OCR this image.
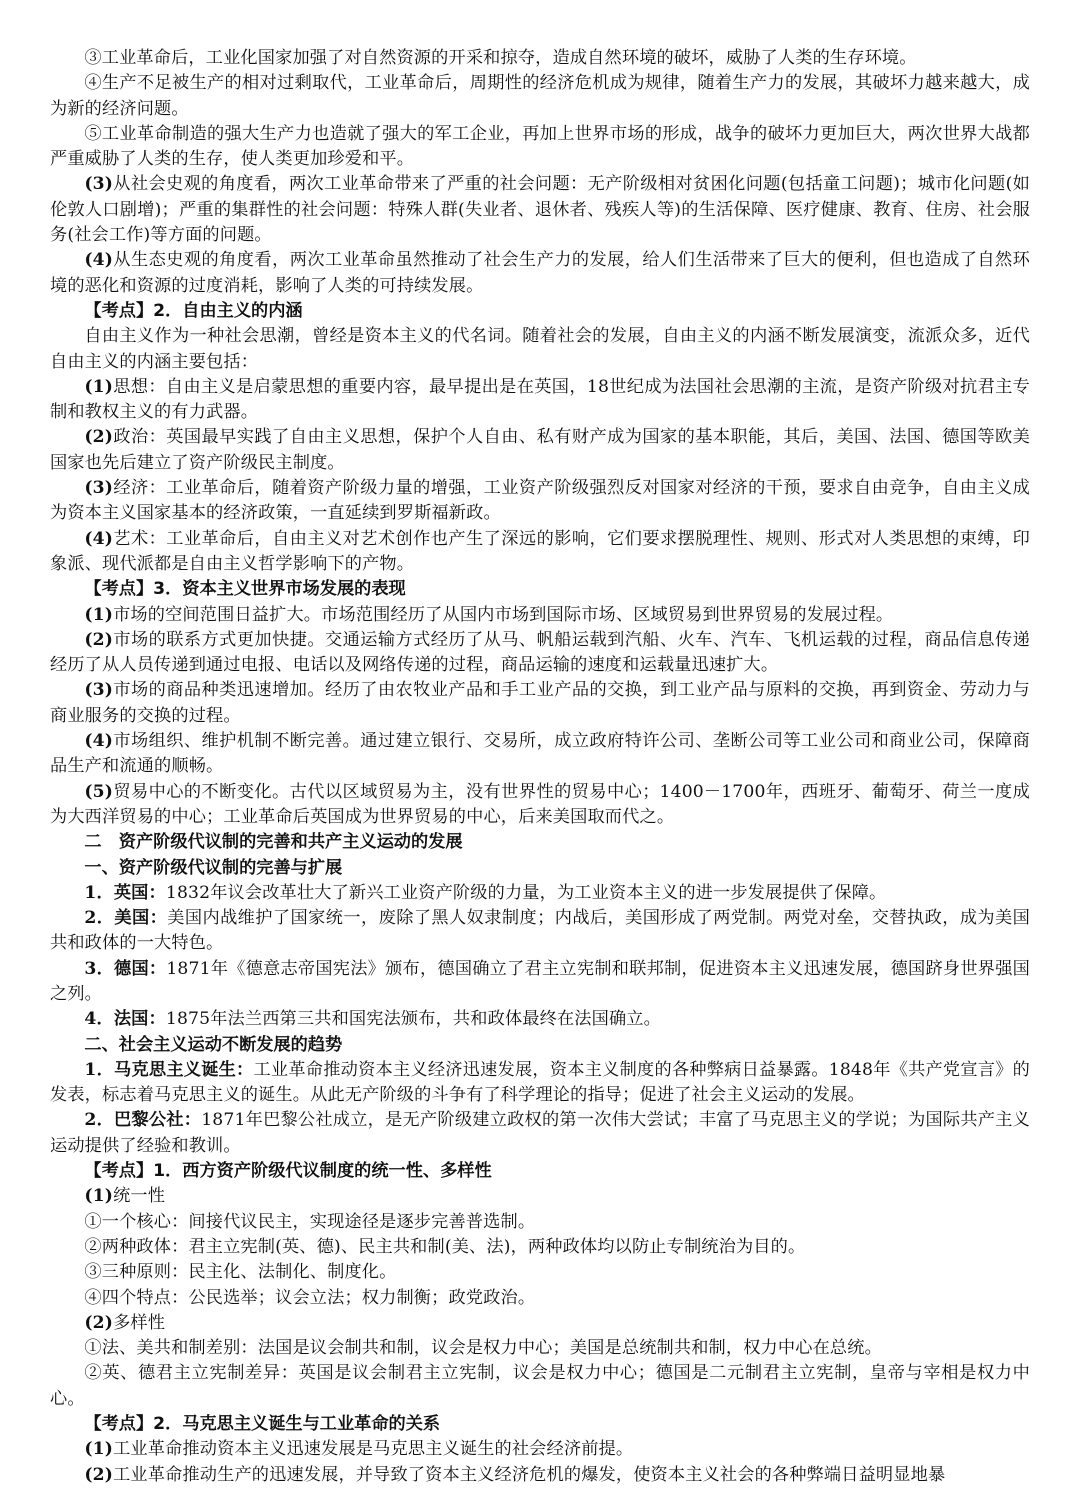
③工业革命后，工业化国家加强了对自然资源的开采和掠夺，造成自然环境的破坏，威胁了人类的生存环境。
④生产不足被生产的相对过剩取代，工业革命后，周期性的经济危机成为规律，随着生产力的发展，其破坏力越来越大，成为新的经济问题。
⑤工业革命制造的强大生产力也造就了强大的军工企业，再加上世界市场的形成，战争的破坏力更加巨大，两次世界大战都严重威胁了人类的生存，使人类更加珍爱和平。
(3)从社会史观的角度看，两次工业革命带来了严重的社会问题：无产阶级相对贫困化问题(包括童工问题)；城市化问题(如伦敦人口剧增)；严重的集群性的社会问题：特殊人群(失业者、退休者、残疾人等)的生活保障、医疗健康、教育、住房、社会服务(社会工作)等方面的问题。
(4)从生态史观的角度看，两次工业革命虽然推动了社会生产力的发展，给人们生活带来了巨大的便利，但也造成了自然环境的恶化和资源的过度消耗，影响了人类的可持续发展。
【考点】2．自由主义的内涵
自由主义作为一种社会思潮，曾经是资本主义的代名词。随着社会的发展，自由主义的内涵不断发展演变，流派众多，近代自由主义的内涵主要包括：
(1)思想：自由主义是启蒙思想的重要内容，最早提出是在英国，18世纪成为法国社会思潮的主流，是资产阶级对抗君主专制和教权主义的有力武器。
(2)政治：英国最早实践了自由主义思想，保护个人自由、私有财产成为国家的基本职能，其后，美国、法国、德国等欧美国家也先后建立了资产阶级民主制度。
(3)经济：工业革命后，随着资产阶级力量的增强，工业资产阶级强烈反对国家对经济的干预，要求自由竞争，自由主义成为资本主义国家基本的经济政策，一直延续到罗斯福新政。
(4)艺术：工业革命后，自由主义对艺术创作也产生了深远的影响，它们要求摆脱理性、规则、形式对人类思想的束缚，印象派、现代派都是自由主义哲学影响下的产物。
【考点】3．资本主义世界市场发展的表现
(1)市场的空间范围日益扩大。市场范围经历了从国内市场到国际市场、区域贸易到世界贸易的发展过程。
(2)市场的联系方式更加快捷。交通运输方式经历了从马、帆船运载到汽船、火车、汽车、飞机运载的过程，商品信息传递经历了从人员传递到通过电报、电话以及网络传递的过程，商品运输的速度和运载量迅速扩大。
(3)市场的商品种类迅速增加。经历了由农牧业产品和手工业产品的交换，到工业产品与原料的交换，再到资金、劳动力与商业服务的交换的过程。
(4)市场组织、维护机制不断完善。通过建立银行、交易所，成立政府特许公司、垄断公司等工业公司和商业公司，保障商品生产和流通的顺畅。
(5)贸易中心的不断变化。古代以区域贸易为主，没有世界性的贸易中心；1400－1700年，西班牙、葡萄牙、荷兰一度成为大西洋贸易的中心；工业革命后英国成为世界贸易的中心，后来美国取而代之。
二　资产阶级代议制的完善和共产主义运动的发展
一、资产阶级代议制的完善与扩展
1．英国：1832年议会改革壮大了新兴工业资产阶级的力量，为工业资本主义的进一步发展提供了保障。
2．美国：美国内战维护了国家统一，废除了黑人奴隶制度；内战后，美国形成了两党制。两党对垒，交替执政，成为美国共和政体的一大特色。
3．德国：1871年《德意志帝国宪法》颁布，德国确立了君主立宪制和联邦制，促进资本主义迅速发展，德国跻身世界强国之列。
4．法国：1875年法兰西第三共和国宪法颁布，共和政体最终在法国确立。
二、社会主义运动不断发展的趋势
1．马克思主义诞生：工业革命推动资本主义经济迅速发展，资本主义制度的各种弊病日益暴露。1848年《共产党宣言》的发表，标志着马克思主义的诞生。从此无产阶级的斗争有了科学理论的指导；促进了社会主义运动的发展。
2．巴黎公社：1871年巴黎公社成立，是无产阶级建立政权的第一次伟大尝试；丰富了马克思主义的学说；为国际共产主义运动提供了经验和教训。
【考点】1．西方资产阶级代议制度的统一性、多样性
(1)统一性
①一个核心：间接代议民主，实现途径是逐步完善普选制。
②两种政体：君主立宪制(英、德)、民主共和制(美、法)，两种政体均以防止专制统治为目的。
③三种原则：民主化、法制化、制度化。
④四个特点：公民选举；议会立法；权力制衡；政党政治。
(2)多样性
①法、美共和制差别：法国是议会制共和制，议会是权力中心；美国是总统制共和制，权力中心在总统。
②英、德君主立宪制差异：英国是议会制君主立宪制，议会是权力中心；德国是二元制君主立宪制，皇帝与宰相是权力中心。
【考点】2．马克思主义诞生与工业革命的关系
(1)工业革命推动资本主义迅速发展是马克思主义诞生的社会经济前提。
(2)工业革命推动生产的迅速发展，并导致了资本主义经济危机的爆发，使资本主义社会的各种弊端日益明显地暴
